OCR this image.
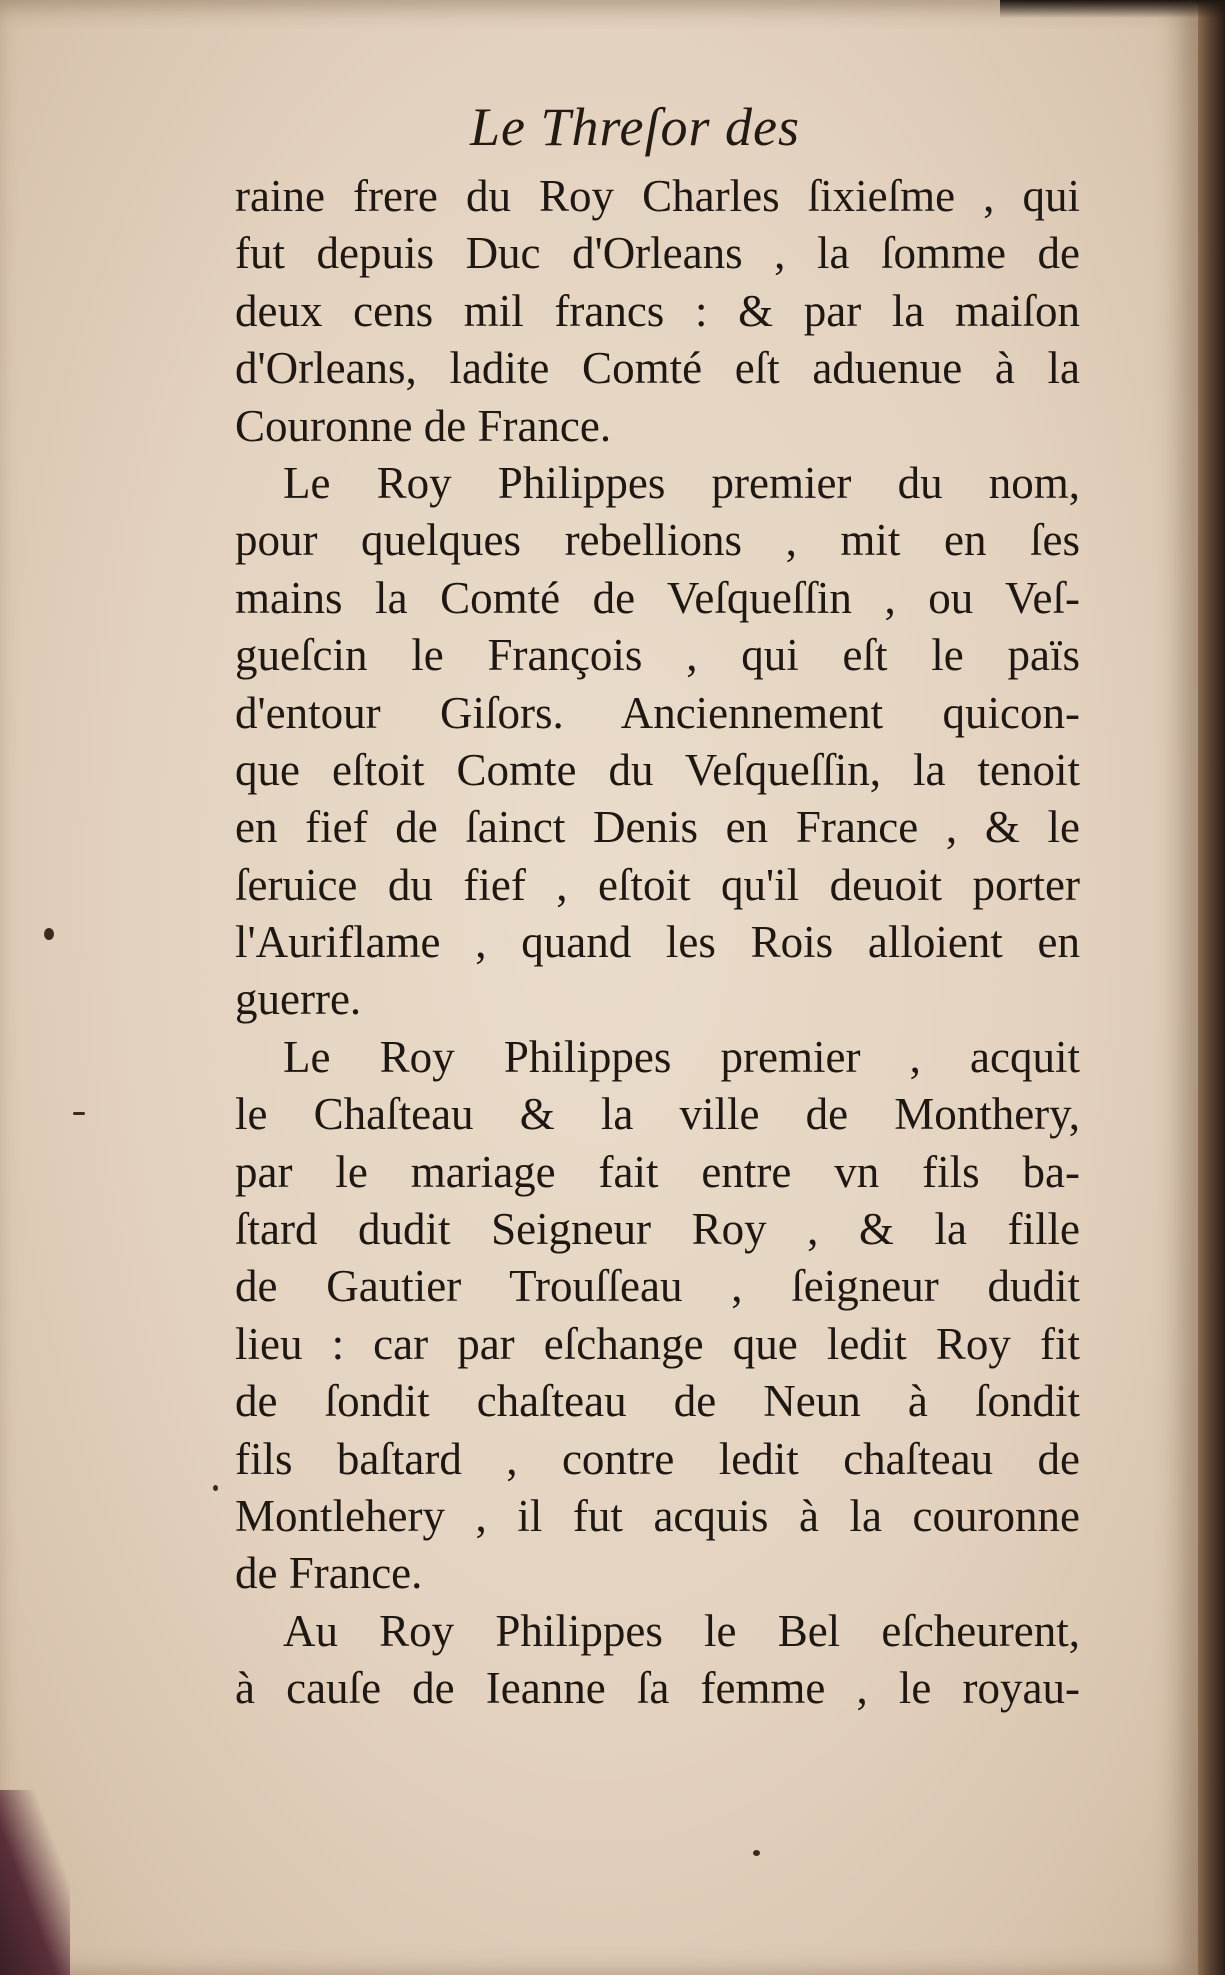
Le Threſor des
raine frere du Roy Charles ſixieſme , qui
fut depuis Duc d'Orleans , la ſomme de
deux cens mil francs : & par la maiſon
d'Orleans, ladite Comté eſt aduenue à la
Couronne de France.
Le Roy Philippes premier du nom,
pour quelques rebellions , mit en ſes
mains la Comté de Veſqueſſin , ou Veſ-
gueſcin le François , qui eſt le païs
d'entour Giſors. Anciennement quicon-
que eſtoit Comte du Veſqueſſin, la tenoit
en fief de ſainct Denis en France , & le
ſeruice du fief , eſtoit qu'il deuoit porter
l'Auriflame , quand les Rois alloient en
guerre.
Le Roy Philippes premier , acquit
le Chaſteau & la ville de Monthery,
par le mariage fait entre vn fils ba-
ſtard dudit Seigneur Roy , & la fille
de Gautier Trouſſeau , ſeigneur dudit
lieu : car par eſchange que ledit Roy fit
de ſondit chaſteau de Neun à ſondit
fils baſtard , contre ledit chaſteau de
Montlehery , il fut acquis à la couronne
de France.
Au Roy Philippes le Bel eſcheurent,
à cauſe de Ieanne ſa femme , le royau-
